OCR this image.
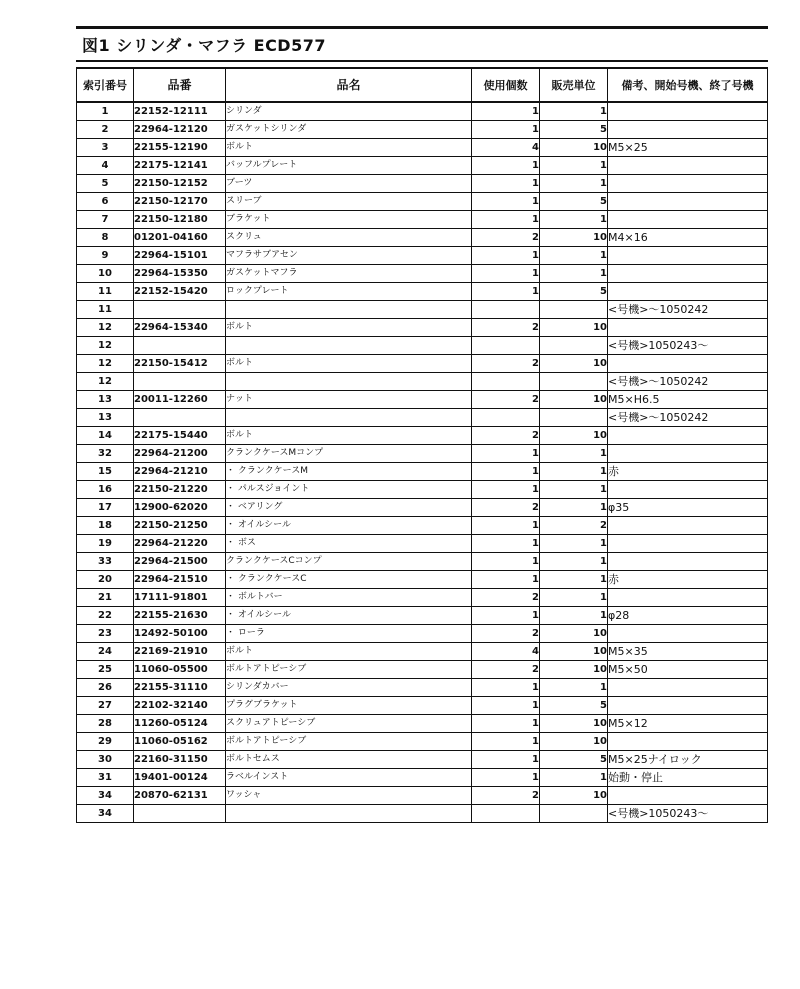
図1 シリンダ・マフラ ECD577
索引番号	品番	品名	使用個数	販売単位	備考、開始号機、終了号機
1	22152-12111	シリンダ	1	1	
2	22964-12120	ガスケットシリンダ	1	5	
3	22155-12190	ボルト	4	10	M5×25
4	22175-12141	バッフルプレート	1	1	
5	22150-12152	ブーツ	1	1	
6	22150-12170	スリーブ	1	5	
7	22150-12180	ブラケット	1	1	
8	01201-04160	スクリュ	2	10	M4×16
9	22964-15101	マフラサブアセン	1	1	
10	22964-15350	ガスケットマフラ	1	1	
11	22152-15420	ロックプレート	1	5	
11					<号機>～1050242
12	22964-15340	ボルト	2	10	
12					<号機>1050243～
12	22150-15412	ボルト	2	10	
12					<号機>～1050242
13	20011-12260	ナット	2	10	M5×H6.5
13					<号機>～1050242
14	22175-15440	ボルト	2	10	
32	22964-21200	クランクケースMコンプ	1	1	
15	22964-21210	・ クランクケースM	1	1	赤
16	22150-21220	・ パルスジョイント	1	1	
17	12900-62020	・ ベアリング	2	1	φ35
18	22150-21250	・ オイルシール	1	2	
19	22964-21220	・ ボス	1	1	
33	22964-21500	クランクケースCコンプ	1	1	
20	22964-21510	・ クランクケースC	1	1	赤
21	17111-91801	・ ボルトバー	2	1	
22	22155-21630	・ オイルシール	1	1	φ28
23	12492-50100	・ ローラ	2	10	
24	22169-21910	ボルト	4	10	M5×35
25	11060-05500	ボルトアトピーシブ	2	10	M5×50
26	22155-31110	シリンダカバー	1	1	
27	22102-32140	プラグブラケット	1	5	
28	11260-05124	スクリュアトピーシブ	1	10	M5×12
29	11060-05162	ボルトアトピーシブ	1	10	
30	22160-31150	ボルトセムス	1	5	M5×25ナイロック
31	19401-00124	ラベルインスト	1	1	始動・停止
34	20870-62131	ワッシャ	2	10	
34					<号機>1050243～
